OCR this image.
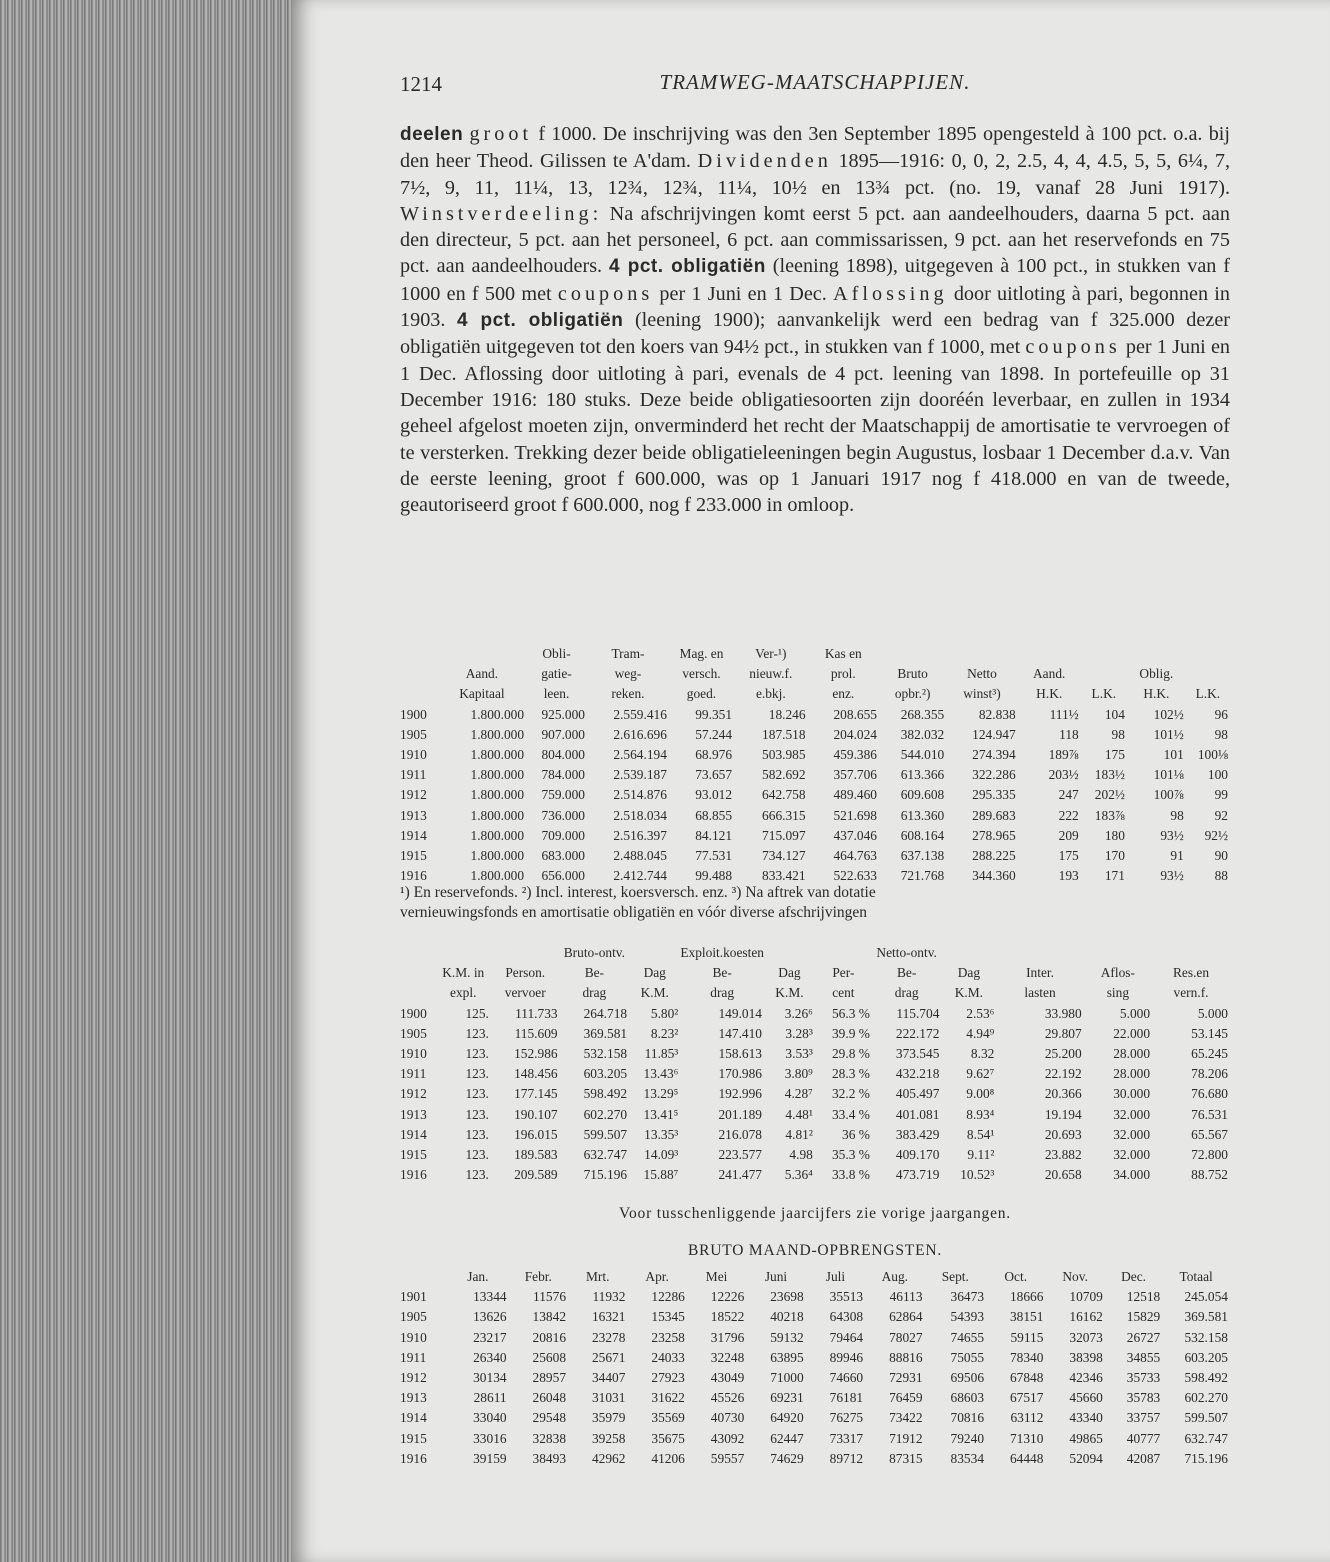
1214	TRAMWEG-MAATSCHAPPIJEN.
deelen groot f 1000. De inschrijving was den 3en September 1895 opengesteld à 100 pct. o.a. bij den heer Theod. Gilissen te A'dam. Dividenden 1895—1916: 0, 0, 2, 2.5, 4, 4, 4.5, 5, 5, 6¼, 7, 7½, 9, 11, 11¼, 13, 12¾, 12¾, 11¼, 10½ en 13¾ pct. (no. 19, vanaf 28 Juni 1917). Winstverdeeling: Na afschrijvingen komt eerst 5 pct. aan aandeelhouders, daarna 5 pct. aan den directeur, 5 pct. aan het personeel, 6 pct. aan commissarissen, 9 pct. aan het reservefonds en 75 pct. aan aandeelhouders. 4 pct. obligatiën (leening 1898), uitgegeven à 100 pct., in stukken van f 1000 en f 500 met coupons per 1 Juni en 1 Dec. Aflossing door uitloting à pari, begonnen in 1903. 4 pct. obligatiën (leening 1900); aanvankelijk werd een bedrag van f 325.000 dezer obligatiën uitgegeven tot den koers van 94½ pct., in stukken van f 1000, met coupons per 1 Juni en 1 Dec. Aflossing door uitloting à pari, evenals de 4 pct. leening van 1898. In portefeuille op 31 December 1916: 180 stuks. Deze beide obligatiesoorten zijn dooréén leverbaar, en zullen in 1934 geheel afgelost moeten zijn, onverminderd het recht der Maatschappij de amortisatie te vervroegen of te versterken. Trekking dezer beide obligatieleeningen begin Augustus, losbaar 1 December d.a.v. Van de eerste leening, groot f 600.000, was op 1 Januari 1917 nog f 418.000 en van de tweede, geautoriseerd groot f 600.000, nog f 233.000 in omloop.
		Obli-	Tram-	Mag. en	Ver-¹)	Kas en						
	Aand.	gatie-	weg-	versch.	nieuw.f.	prol.	Bruto	Netto	Aand.		Oblig.	
	Kapitaal	leen.	reken.	goed.	e.bkj.	enz.	opbr.²)	winst³)	H.K.	L.K.	H.K.	L.K.
1900	1.800.000	925.000	2.559.416	99.351	18.246	208.655	268.355	82.838	111½	104	102½	96
1905	1.800.000	907.000	2.616.696	57.244	187.518	204.024	382.032	124.947	118	98	101½	98
1910	1.800.000	804.000	2.564.194	68.976	503.985	459.386	544.010	274.394	189⅞	175	101	100⅛
1911	1.800.000	784.000	2.539.187	73.657	582.692	357.706	613.366	322.286	203½	183½	101⅛	100
1912	1.800.000	759.000	2.514.876	93.012	642.758	489.460	609.608	295.335	247	202½	100⅞	99
1913	1.800.000	736.000	2.518.034	68.855	666.315	521.698	613.360	289.683	222	183⅞	98	92
1914	1.800.000	709.000	2.516.397	84.121	715.097	437.046	608.164	278.965	209	180	93½	92½
1915	1.800.000	683.000	2.488.045	77.531	734.127	464.763	637.138	288.225	175	170	91	90
1916	1.800.000	656.000	2.412.744	99.488	833.421	522.633	721.768	344.360	193	171	93½	88
¹) En reservefonds. ²) Incl. interest, koersversch. enz. ³) Na aftrek van dotatie
vernieuwingsfonds en amortisatie obligatiën en vóór diverse afschrijvingen
			Bruto-ontv.		Exploit.koesten			Netto-ontv.				
	K.M. in	Person.	Be-	Dag	Be-	Dag	Per-	Be-	Dag	Inter.	Aflos-	Res.en
	expl.	vervoer	drag	K.M.	drag	K.M.	cent	drag	K.M.	lasten	sing	vern.f.
1900	125.	111.733	264.718	5.80²	149.014	3.26⁶	56.3 %	115.704	2.53⁶	33.980	5.000	5.000
1905	123.	115.609	369.581	8.23²	147.410	3.28³	39.9 %	222.172	4.94⁹	29.807	22.000	53.145
1910	123.	152.986	532.158	11.85³	158.613	3.53³	29.8 %	373.545	8.32	25.200	28.000	65.245
1911	123.	148.456	603.205	13.43⁶	170.986	3.80⁹	28.3 %	432.218	9.62⁷	22.192	28.000	78.206
1912	123.	177.145	598.492	13.29⁵	192.996	4.28⁷	32.2 %	405.497	9.00⁸	20.366	30.000	76.680
1913	123.	190.107	602.270	13.41⁵	201.189	4.48¹	33.4 %	401.081	8.93⁴	19.194	32.000	76.531
1914	123.	196.015	599.507	13.35³	216.078	4.81²	36 %	383.429	8.54¹	20.693	32.000	65.567
1915	123.	189.583	632.747	14.09³	223.577	4.98	35.3 %	409.170	9.11²	23.882	32.000	72.800
1916	123.	209.589	715.196	15.88⁷	241.477	5.36⁴	33.8 %	473.719	10.52³	20.658	34.000	88.752
Voor tusschenliggende jaarcijfers zie vorige jaargangen.
BRUTO MAAND-OPBRENGSTEN.
	Jan.	Febr.	Mrt.	Apr.	Mei	Juni	Juli	Aug.	Sept.	Oct.	Nov.	Dec.	Totaal
1901	13344	11576	11932	12286	12226	23698	35513	46113	36473	18666	10709	12518	245.054
1905	13626	13842	16321	15345	18522	40218	64308	62864	54393	38151	16162	15829	369.581
1910	23217	20816	23278	23258	31796	59132	79464	78027	74655	59115	32073	26727	532.158
1911	26340	25608	25671	24033	32248	63895	89946	88816	75055	78340	38398	34855	603.205
1912	30134	28957	34407	27923	43049	71000	74660	72931	69506	67848	42346	35733	598.492
1913	28611	26048	31031	31622	45526	69231	76181	76459	68603	67517	45660	35783	602.270
1914	33040	29548	35979	35569	40730	64920	76275	73422	70816	63112	43340	33757	599.507
1915	33016	32838	39258	35675	43092	62447	73317	71912	79240	71310	49865	40777	632.747
1916	39159	38493	42962	41206	59557	74629	89712	87315	83534	64448	52094	42087	715.196
